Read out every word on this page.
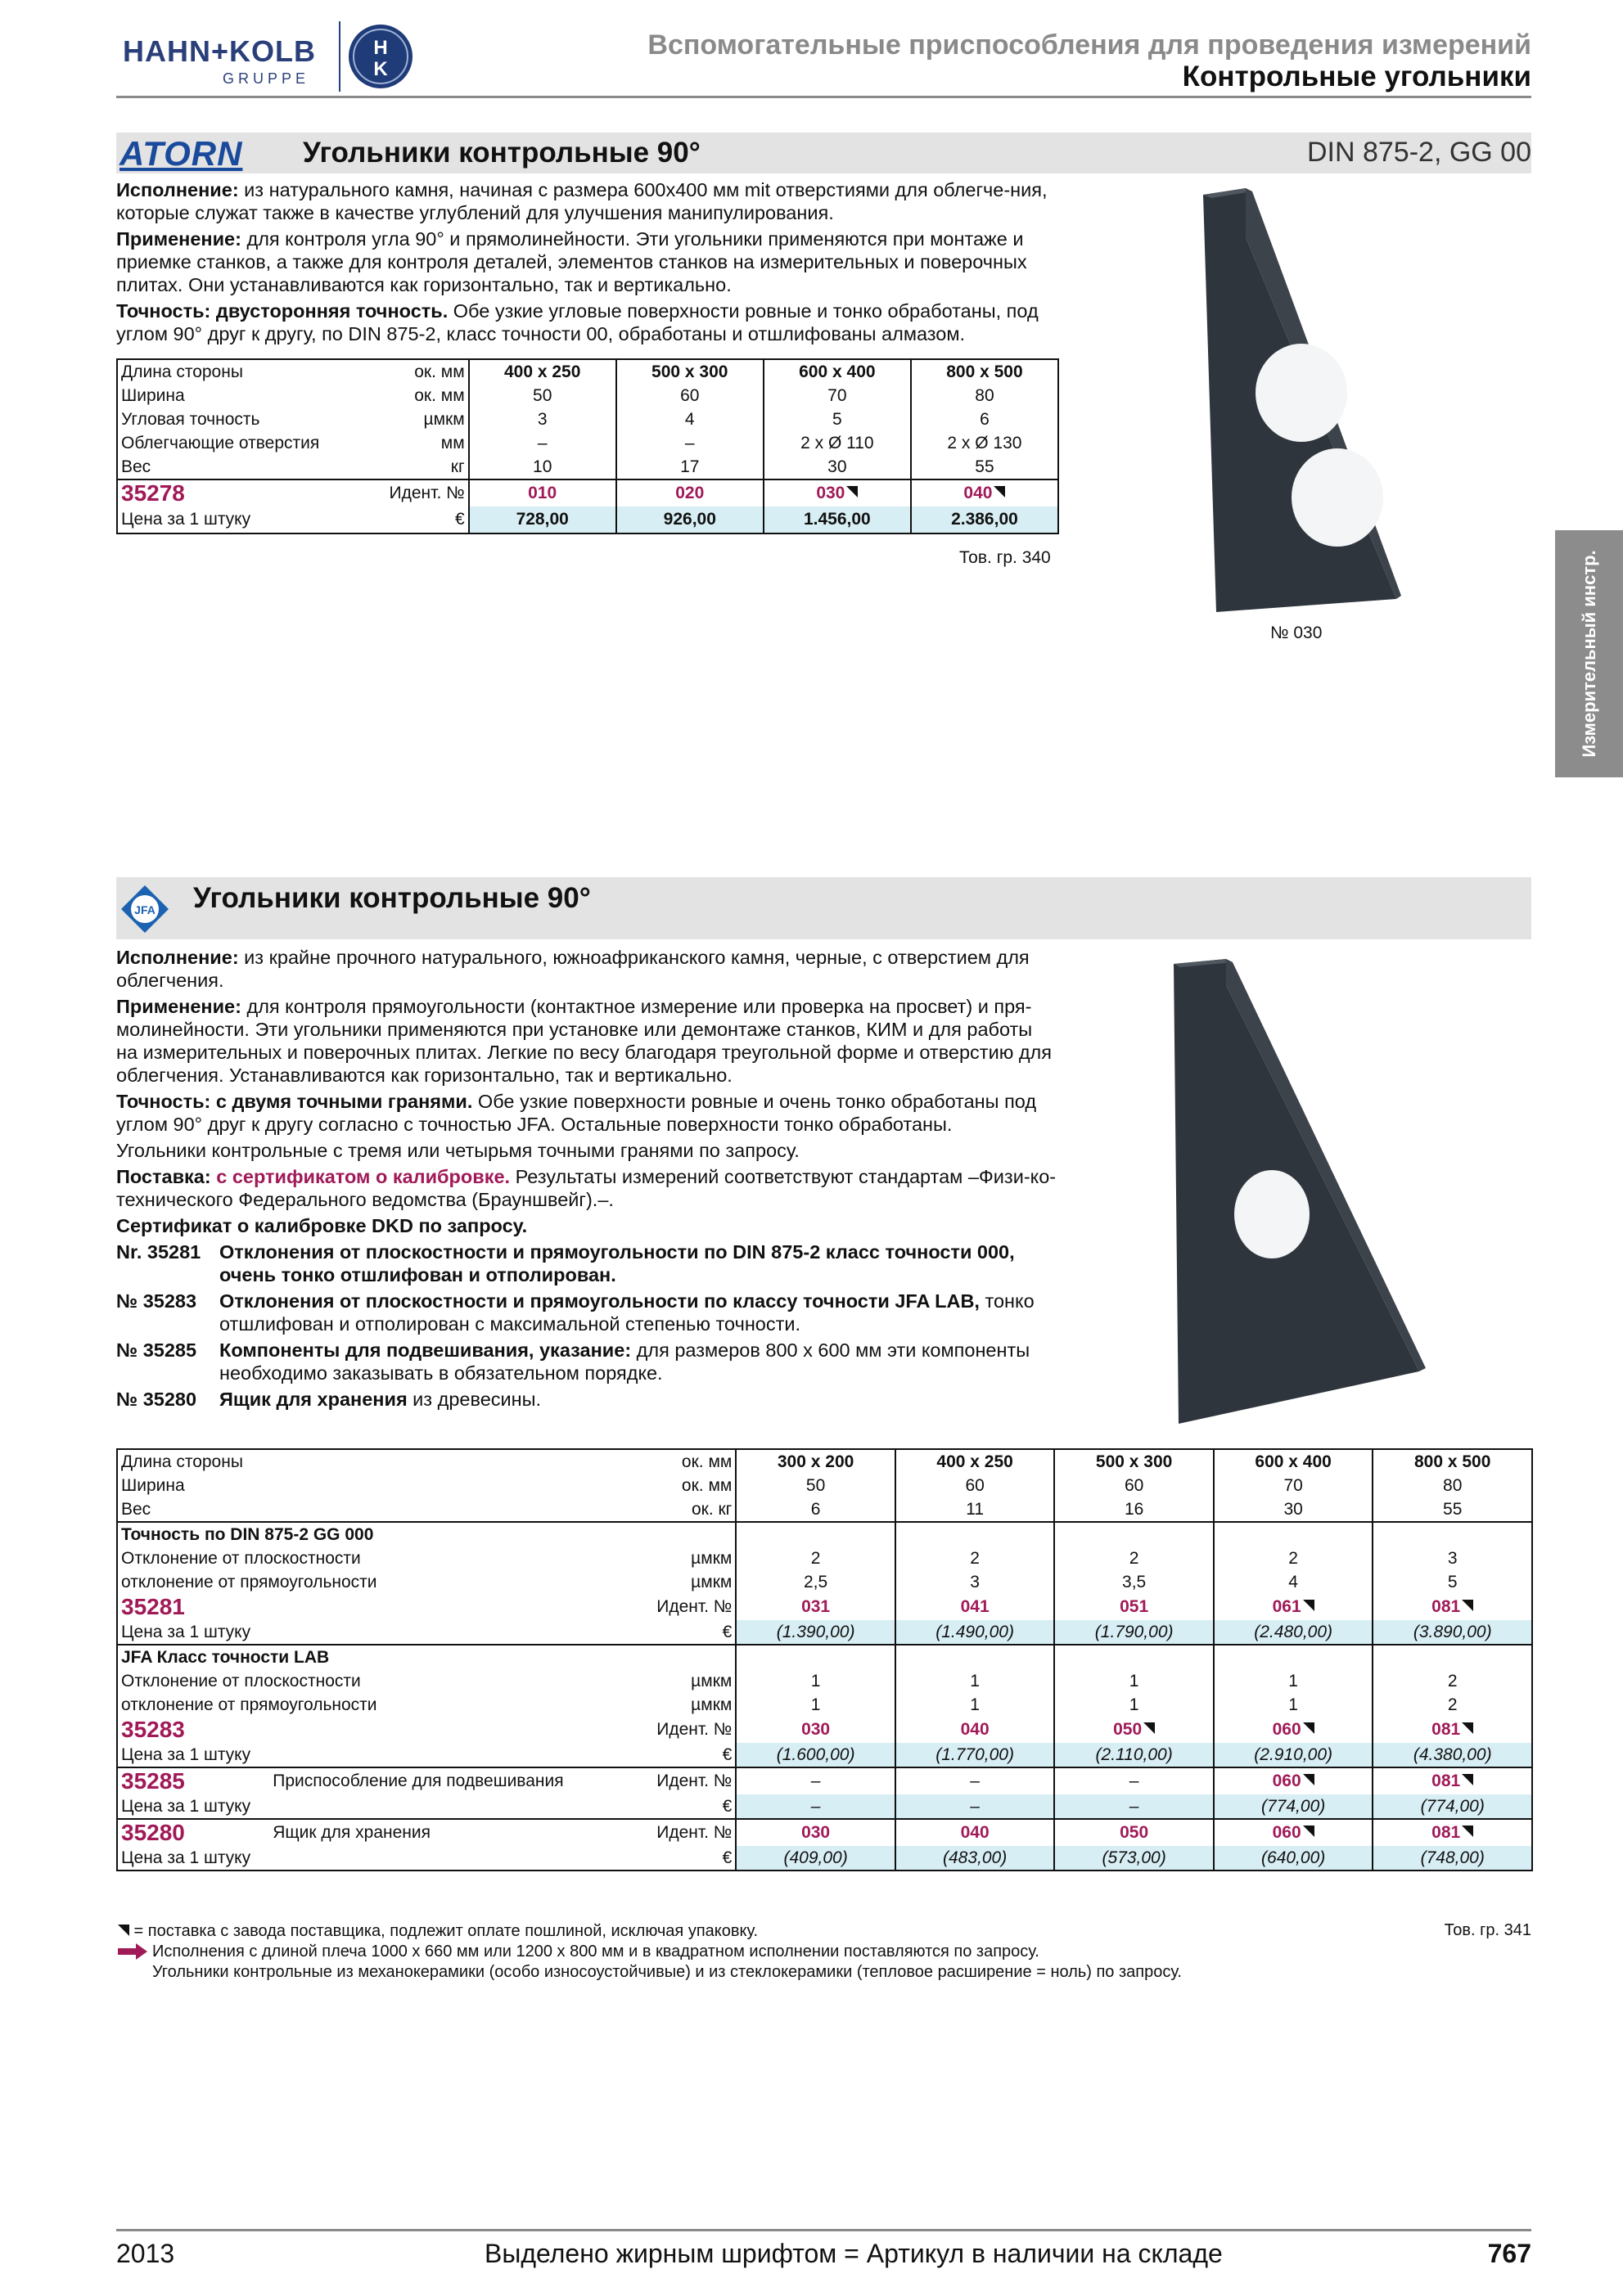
HAHN+KOLB
GRUPPE
H
K
Вспомогательные приспособления для проведения измерений
Контрольные угольники
Измерительный инстр.
ATORN Угольники контрольные 90°	DIN 875-2, GG 00

Исполнение: из натурального камня, начиная с размера 600х400 мм mit отверстиями для облегче-ния, которые служат также в качестве углублений для улучшения манипулирования.

Применение: для контроля угла 90° и прямолинейности. Эти угольники применяются при монтаже и приемке станков, а также для контроля деталей, элементов станков на измерительных и поверочных плитах. Они устанавливаются как горизонтально, так и вертикально.

Точность: двусторонняя точность. Обе узкие угловые поверхности ровные и тонко обработаны, под углом 90° друг к другу, по DIN 875-2, класс точности 00, обработаны и отшлифованы алмазом.

Длина стороны	ок. мм	400 x 250	500 x 300	600 x 400	800 x 500
Ширина	ок. мм	50	60	70	80
Угловая точность	µмкм	3	4	5	6
Облегчающие отверстия	мм	–	–	2 x Ø 110	2 x Ø 130
Вес	кг	10	17	30	55
35278	Идент. №	010	020	030	040
Цена за 1 штуку	€	728,00	926,00	1.456,00	2.386,00
Тов. гр. 340
№ 030
JFA Угольники контрольные 90°

Исполнение: из крайне прочного натурального, южноафриканского камня, черные, с отверстием для облегчения.

Применение: для контроля прямоугольности (контактное измерение или проверка на просвет) и пря-молинейности. Эти угольники применяются при установке или демонтаже станков, КИМ и для работы на измерительных и поверочных плитах. Легкие по весу благодаря треугольной форме и отверстию для облегчения. Устанавливаются как горизонтально, так и вертикально.

Точность: с двумя точными гранями. Обе узкие поверхности ровные и очень тонко обработаны под углом 90° друг к другу согласно с точностью JFA. Остальные поверхности тонко обработаны.

Угольники контрольные с тремя или четырьмя точными гранями по запросу.

Поставка: с сертификатом о калибровке. Результаты измерений соответствуют стандартам –Физи-ко-технического Федерального ведомства (Брауншвейг).–.

Сертификат о калибровке DKD по запросу.

Nr. 35281 Отклонения от плоскостности и прямоугольности по DIN 875-2 класс точности 000, очень тонко отшлифован и отполирован.
№ 35283	Отклонения от плоскостности и прямоугольности по классу точности JFA LAB, тонко отшлифован и отполирован с максимальной степенью точности.
№ 35285	Компоненты для подвешивания, указание: для размеров 800 х 600 мм эти компоненты необходимо заказывать в обязательном порядке.
№ 35280	Ящик для хранения из древесины.
Длина стороны		ок. мм	300 x 200	400 x 250	500 x 300	600 x 400	800 x 500
Ширина		ок. мм	50	60	60	70	80
Вес		ок. кг	6	11	16	30	55
Точность по DIN 875-2 GG 000							
Отклонение от плоскостности		µмкм	2	2	2	2	3
отклонение от прямоугольности		µмкм	2,5	3	3,5	4	5
35281		Идент. №	031	041	051	061	081
Цена за 1 штуку		€	(1.390,00)	(1.490,00)	(1.790,00)	(2.480,00)	(3.890,00)
JFA Класс точности LAB							
Отклонение от плоскостности		µмкм	1	1	1	1	2
отклонение от прямоугольности		µмкм	1	1	1	1	2
35283		Идент. №	030	040	050	060	081
Цена за 1 штуку		€	(1.600,00)	(1.770,00)	(2.110,00)	(2.910,00)	(4.380,00)
35285	Приспособление для подвешивания	Идент. №	–	–	–	060	081
Цена за 1 штуку		€	–	–	–	(774,00)	(774,00)
35280	Ящик для хранения	Идент. №	030	040	050	060	081
Цена за 1 штуку		€	(409,00)	(483,00)	(573,00)	(640,00)	(748,00)
= поставка с завода поставщика, подлежит оплате пошлиной, исключая упаковку.
Исполнения с длиной плеча 1000 х 660 мм или 1200 х 800 мм и в квадратном исполнении поставляются по запросу.
Угольники контрольные из механокерамики (особо износоустойчивые) и из стеклокерамики (тепловое расширение = ноль) по запросу.
Тов. гр. 341
2013	Выделено жирным шрифтом = Артикул в наличии на складе	767
